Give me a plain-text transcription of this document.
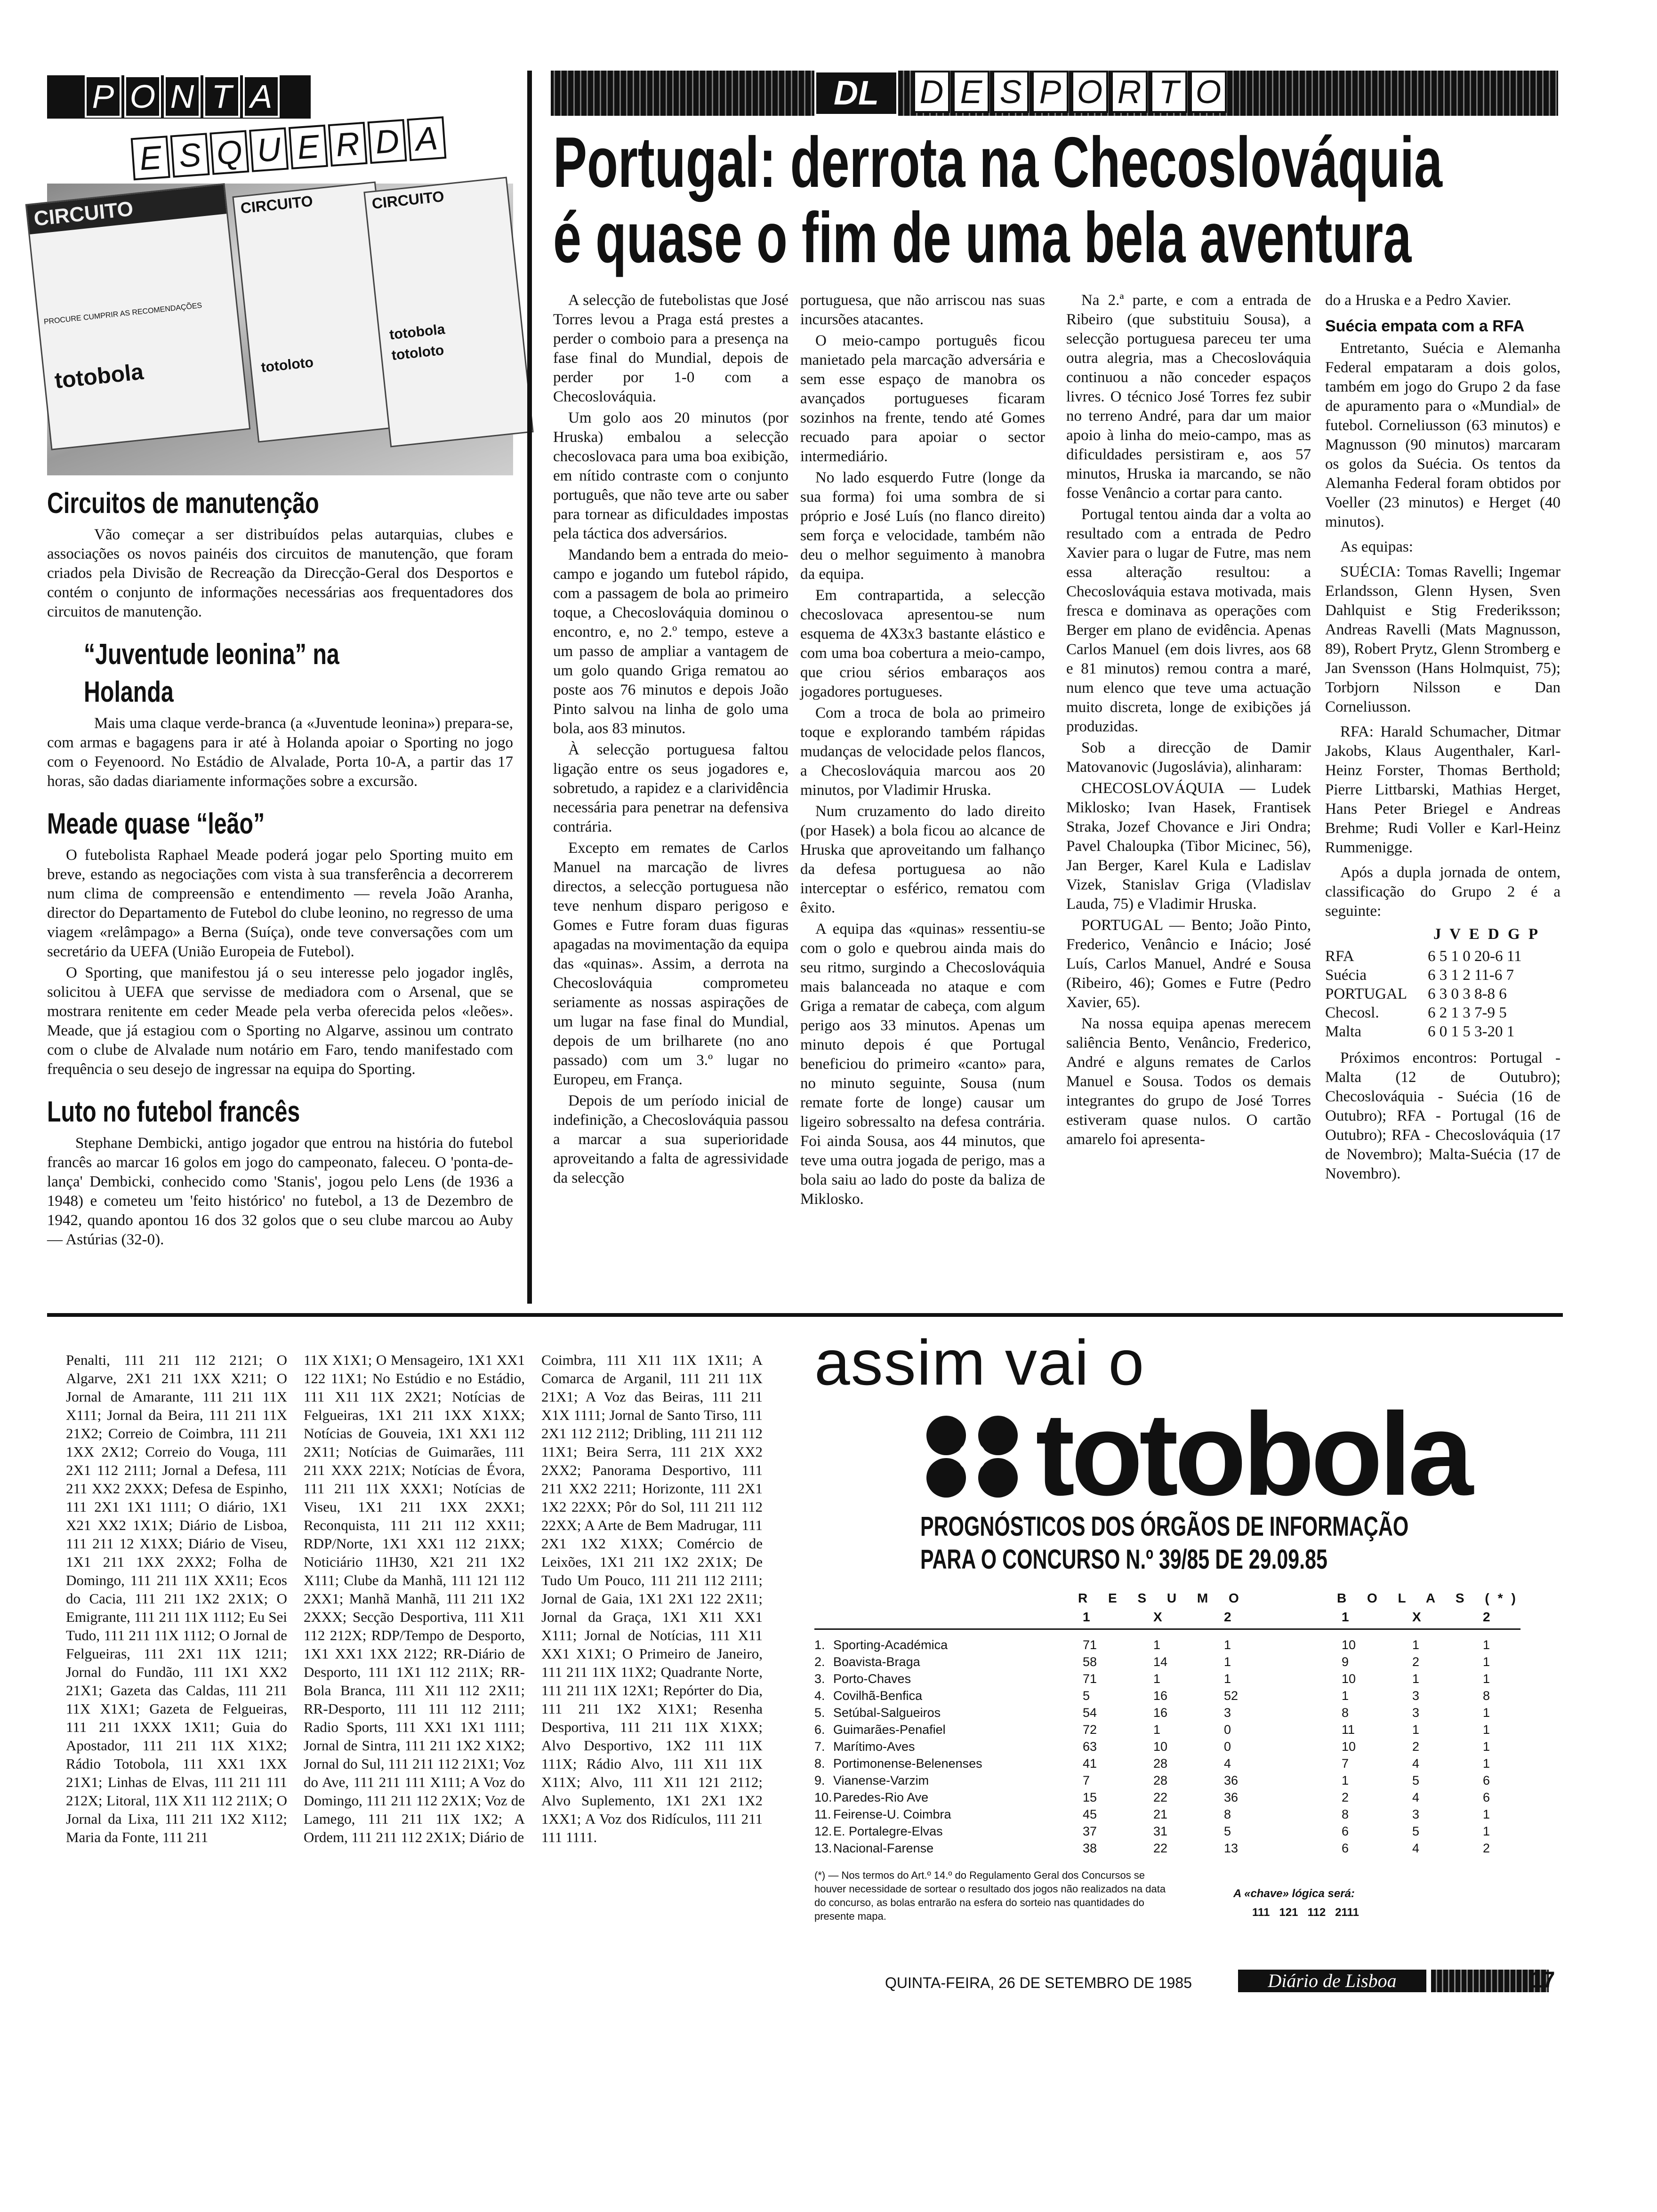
P O N T A
E S Q U E R D A
CIRCUITO
PROCURE CUMPRIR AS RECOMENDAÇÕES
totobola
CIRCUITO
totoloto
CIRCUITO
totobola
totoloto
Circuitos de manutenção

Vão começar a ser distribuídos pelas autarquias, clubes e associações os novos painéis dos circuitos de manutenção, que foram criados pela Divisão de Recreação da Direcção-Geral dos Desportos e contém o conjunto de informações necessárias aos frequentadores dos circuitos de manutenção.

“Juventude leonina” na Holanda

Mais uma claque verde-branca (a «Juventude leonina») prepara-se, com armas e bagagens para ir até à Holanda apoiar o Sporting no jogo com o Feyenoord. No Estádio de Alvalade, Porta 10-A, a partir das 17 horas, são dadas diariamente informações sobre a excursão.

Meade quase “leão”

O futebolista Raphael Meade poderá jogar pelo Sporting muito em breve, estando as negociações com vista à sua transferência a decorrerem num clima de compreensão e entendimento — revela João Aranha, director do Departamento de Futebol do clube leonino, no regresso de uma viagem «relâmpago» a Berna (Suíça), onde teve conversações com um secretário da UEFA (União Europeia de Futebol).

O Sporting, que manifestou já o seu interesse pelo jogador inglês, solicitou à UEFA que servisse de mediadora com o Arsenal, que se mostrara renitente em ceder Meade pela verba oferecida pelos «leões». Meade, que já estagiou com o Sporting no Algarve, assinou um contrato com o clube de Alvalade num notário em Faro, tendo manifestado com frequência o seu desejo de ingressar na equipa do Sporting.

Luto no futebol francês

Stephane Dembicki, antigo jogador que entrou na história do futebol francês ao marcar 16 golos em jogo do campeonato, faleceu. O 'ponta-de-lança' Dembicki, conhecido como 'Stanis', jogou pelo Lens (de 1936 a 1948) e cometeu um 'feito histórico' no futebol, a 13 de Dezembro de 1942, quando apontou 16 dos 32 golos que o seu clube marcou ao Auby — Astúrias (32-0).

DL	D E S P O R T O
Portugal: derrota na Checoslováquia
é quase o fim de uma bela aventura

A selecção de futebolistas que José Torres levou a Praga está prestes a perder o comboio para a presença na fase final do Mundial, depois de perder por 1-0 com a Checoslováquia.

Um golo aos 20 minutos (por Hruska) embalou a selecção checoslovaca para uma boa exibição, em nítido contraste com o conjunto português, que não teve arte ou saber para tornear as dificuldades impostas pela táctica dos adversários.

Mandando bem a entrada do meio-campo e jogando um futebol rápido, com a passagem de bola ao primeiro toque, a Checoslováquia dominou o encontro, e, no 2.º tempo, esteve a um passo de ampliar a vantagem de um golo quando Griga rematou ao poste aos 76 minutos e depois João Pinto salvou na linha de golo uma bola, aos 83 minutos.

À selecção portuguesa faltou ligação entre os seus jogadores e, sobretudo, a rapidez e a clarividência necessária para penetrar na defensiva contrária.

Excepto em remates de Carlos Manuel na marcação de livres directos, a selecção portuguesa não teve nenhum disparo perigoso e Gomes e Futre foram duas figuras apagadas na movimentação da equipa das «quinas». Assim, a derrota na Checoslováquia comprometeu seriamente as nossas aspirações de um lugar na fase final do Mundial, depois de um brilharete (no ano passado) com um 3.º lugar no Europeu, em França.

Depois de um período inicial de indefinição, a Checoslováquia passou a marcar a sua superioridade aproveitando a falta de agressividade da selecção

portuguesa, que não arriscou nas suas incursões atacantes.

O meio-campo português ficou manietado pela marcação adversária e sem esse espaço de manobra os avançados portugueses ficaram sozinhos na frente, tendo até Gomes recuado para apoiar o sector intermediário.

No lado esquerdo Futre (longe da sua forma) foi uma sombra de si próprio e José Luís (no flanco direito) sem força e velocidade, também não deu o melhor seguimento à manobra da equipa.

Em contrapartida, a selecção checoslovaca apresentou-se num esquema de 4X3x3 bastante elástico e com uma boa cobertura a meio-campo, que criou sérios embaraços aos jogadores portugueses.

Com a troca de bola ao primeiro toque e explorando também rápidas mudanças de velocidade pelos flancos, a Checoslováquia marcou aos 20 minutos, por Vladimir Hruska.

Num cruzamento do lado direito (por Hasek) a bola ficou ao alcance de Hruska que aproveitando um falhanço da defesa portuguesa ao não interceptar o esférico, rematou com êxito.

A equipa das «quinas» ressentiu-se com o golo e quebrou ainda mais do seu ritmo, surgindo a Checoslováquia mais balanceada no ataque e com Griga a rematar de cabeça, com algum perigo aos 33 minutos. Apenas um minuto depois é que Portugal beneficiou do primeiro «canto» para, no minuto seguinte, Sousa (num remate forte de longe) causar um ligeiro sobressalto na defesa contrária. Foi ainda Sousa, aos 44 minutos, que teve uma outra jogada de perigo, mas a bola saiu ao lado do poste da baliza de Miklosko.

Na 2.ª parte, e com a entrada de Ribeiro (que substituiu Sousa), a selecção portuguesa pareceu ter uma outra alegria, mas a Checoslováquia continuou a não conceder espaços livres. O técnico José Torres fez subir no terreno André, para dar um maior apoio à linha do meio-campo, mas as dificuldades persistiram e, aos 57 minutos, Hruska ia marcando, se não fosse Venâncio a cortar para canto.

Portugal tentou ainda dar a volta ao resultado com a entrada de Pedro Xavier para o lugar de Futre, mas nem essa alteração resultou: a Checoslováquia estava motivada, mais fresca e dominava as operações com Berger em plano de evidência. Apenas Carlos Manuel (em dois livres, aos 68 e 81 minutos) remou contra a maré, num elenco que teve uma actuação muito discreta, longe de exibições já produzidas.

Sob a direcção de Damir Matovanovic (Jugoslávia), alinharam:

CHECOSLOVÁQUIA — Ludek Miklosko; Ivan Hasek, Frantisek Straka, Jozef Chovance e Jiri Ondra; Pavel Chaloupka (Tibor Micinec, 56), Jan Berger, Karel Kula e Ladislav Vizek, Stanislav Griga (Vladislav Lauda, 75) e Vladimir Hruska.

PORTUGAL — Bento; João Pinto, Frederico, Venâncio e Inácio; José Luís, Carlos Manuel, André e Sousa (Ribeiro, 46); Gomes e Futre (Pedro Xavier, 65).

Na nossa equipa apenas merecem saliência Bento, Venâncio, Frederico, André e alguns remates de Carlos Manuel e Sousa. Todos os demais integrantes do grupo de José Torres estiveram quase nulos. O cartão amarelo foi apresenta-

do a Hruska e a Pedro Xavier.

Suécia empata com a RFA

Entretanto, Suécia e Alemanha Federal empataram a dois golos, também em jogo do Grupo 2 da fase de apuramento para o «Mundial» de futebol. Corneliusson (63 minutos) e Magnusson (90 minutos) marcaram os golos da Suécia. Os tentos da Alemanha Federal foram obtidos por Voeller (23 minutos) e Herget (40 minutos).

As equipas:

SUÉCIA: Tomas Ravelli; Ingemar Erlandsson, Glenn Hysen, Sven Dahlquist e Stig Frederiksson; Andreas Ravelli (Mats Magnusson, 89), Robert Prytz, Glenn Stromberg e Jan Svensson (Hans Holmquist, 75); Torbjorn Nilsson e Dan Corneliusson.

RFA: Harald Schumacher, Ditmar Jakobs, Klaus Augenthaler, Karl-Heinz Forster, Thomas Berthold; Pierre Littbarski, Mathias Herget, Hans Peter Briegel e Andreas Brehme; Rudi Voller e Karl-Heinz Rummenigge.

Após a dupla jornada de ontem, classificação do Grupo 2 é a seguinte:

J V E D G P
RFA	6 5 1 0 20-6 11
Suécia	6 3 1 2 11-6 7
PORTUGAL	6 3 0 3 8-8 6
Checosl.	6 2 1 3 7-9 5
Malta	6 0 1 5 3-20 1

Próximos encontros: Portugal - Malta (12 de Outubro); Checoslováquia - Suécia (16 de Outubro); RFA - Portugal (16 de Outubro); RFA - Checoslováquia (17 de Novembro); Malta-Suécia (17 de Novembro).

Penalti, 111 211 112 2121; O Algarve, 2X1 211 1XX X211; O Jornal de Amarante, 111 211 11X X111; Jornal da Beira, 111 211 11X 21X2; Correio de Coimbra, 111 211 1XX 2X12; Correio do Vouga, 111 2X1 112 2111; Jornal a Defesa, 111 211 XX2 2XXX; Defesa de Espinho, 111 2X1 1X1 1111; O diário, 1X1 X21 XX2 1X1X; Diário de Lisboa, 111 211 12 X1XX; Diário de Viseu, 1X1 211 1XX 2XX2; Folha de Domingo, 111 211 11X XX11; Ecos do Cacia, 111 211 1X2 2X1X; O Emigrante, 111 211 11X 1112; Eu Sei Tudo, 111 211 11X 1112; O Jornal de Felgueiras, 111 2X1 11X 1211; Jornal do Fundão, 111 1X1 XX2 21X1; Gazeta das Caldas, 111 211 11X X1X1; Gazeta de Felgueiras, 111 211 1XXX 1X11; Guia do Apostador, 111 211 11X X1X2; Rádio Totobola, 111 XX1 1XX 21X1; Linhas de Elvas, 111 211 111 212X; Litoral, 11X X11 112 211X; O Jornal da Lixa, 111 211 1X2 X112; Maria da Fonte, 111 211

11X X1X1; O Mensageiro, 1X1 XX1 122 11X1; No Estúdio e no Estádio, 111 X11 11X 2X21; Notícias de Felgueiras, 1X1 211 1XX X1XX; Notícias de Gouveia, 1X1 XX1 112 2X11; Notícias de Guimarães, 111 211 XXX 221X; Notícias de Évora, 111 211 11X XXX1; Notícias de Viseu, 1X1 211 1XX 2XX1; Reconquista, 111 211 112 XX11; RDP/Norte, 1X1 XX1 112 21XX; Noticiário 11H30, X21 211 1X2 X111; Clube da Manhã, 111 121 112 2XX1; Manhã Manhã, 111 211 1X2 2XXX; Secção Desportiva, 111 X11 112 212X; RDP/Tempo de Desporto, 1X1 XX1 1XX 2122; RR-Diário de Desporto, 111 1X1 112 211X; RR-Bola Branca, 111 X11 112 2X11; RR-Desporto, 111 111 112 2111; Radio Sports, 111 XX1 1X1 1111; Jornal de Sintra, 111 211 1X2 X1X2; Jornal do Sul, 111 211 112 21X1; Voz do Ave, 111 211 111 X111; A Voz do Domingo, 111 211 112 2X1X; Voz de Lamego, 111 211 11X 1X2; A Ordem, 111 211 112 2X1X; Diário de

Coimbra, 111 X11 11X 1X11; A Comarca de Arganil, 111 211 11X 21X1; A Voz das Beiras, 111 211 X1X 1111; Jornal de Santo Tirso, 111 2X1 112 2112; Dribling, 111 211 112 11X1; Beira Serra, 111 21X XX2 2XX2; Panorama Desportivo, 111 211 XX2 2211; Horizonte, 111 2X1 1X2 22XX; Pôr do Sol, 111 211 112 22XX; A Arte de Bem Madrugar, 111 2X1 1X2 X1XX; Comércio de Leixões, 1X1 211 1X2 2X1X; De Tudo Um Pouco, 111 211 112 2111; Jornal de Gaia, 1X1 2X1 122 2X11; Jornal da Graça, 1X1 X11 XX1 X111; Jornal de Notícias, 111 X11 XX1 X1X1; O Primeiro de Janeiro, 111 211 11X 11X2; Quadrante Norte, 111 211 11X 12X1; Repórter do Dia, 111 211 1X2 X1X1; Resenha Desportiva, 111 211 11X X1XX; Alvo Desportivo, 1X2 111 11X 111X; Rádio Alvo, 111 X11 11X X11X; Alvo, 111 X11 121 2112; Alvo Suplemento, 1X1 2X1 1X2 1XX1; A Voz dos Ridículos, 111 211 111 1111.

assim vai o
totobola
PROGNÓSTICOS DOS ÓRGÃOS DE INFORMAÇÃO
PARA O CONCURSO N.º 39/85 DE 29.09.85
R E S U M O	B O L A S (*)
1	X	2	1	X	2
1. Sporting-Académica	71	1	1	10	1	1
2. Boavista-Braga	58	14	1	9	2	1
3. Porto-Chaves	71	1	1	10	1	1
4. Covilhã-Benfica	5	16	52	1	3	8
5. Setúbal-Salgueiros	54	16	3	8	3	1
6. Guimarães-Penafiel	72	1	0	11	1	1
7. Marítimo-Aves	63	10	0	10	2	1
8. Portimonense-Belenenses	41	28	4	7	4	1
9. Vianense-Varzim	7	28	36	1	5	6
10. Paredes-Rio Ave	15	22	36	2	4	6
11. Feirense-U. Coimbra	45	21	8	8	3	1
12. E. Portalegre-Elvas	37	31	5	6	5	1
13. Nacional-Farense	38	22	13	6	4	2
(*) — Nos termos do Art.º 14.º do Regulamento Geral dos Concursos se houver necessidade de sortear o resultado dos jogos não realizados na data do concurso, as bolas entrarão na esfera do sorteio nas quantidades do presente mapa.
A «chave» lógica será:
111   121   112   2111
QUINTA-FEIRA, 26 DE SETEMBRO DE 1985	Diário de Lisboa	17
